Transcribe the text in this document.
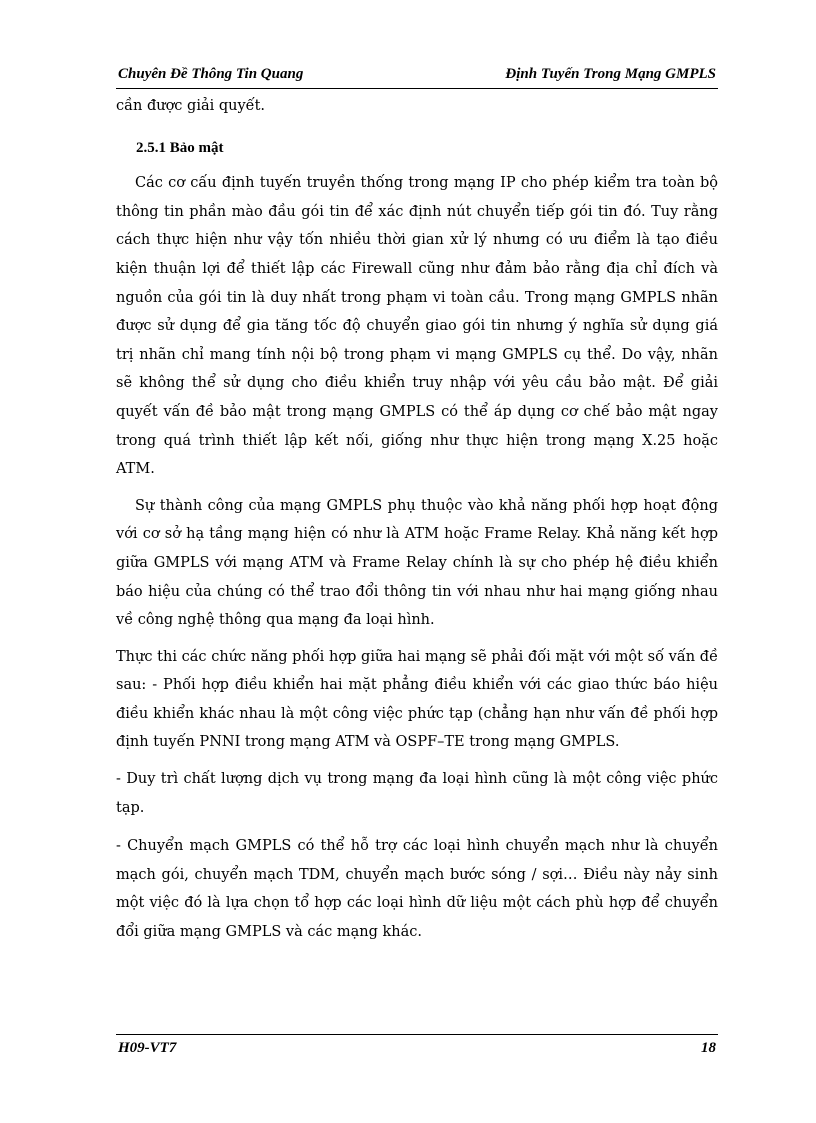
Chuyên Đề Thông Tin Quang	Định Tuyến Trong Mạng GMPLS

cần được giải quyết.

2.5.1 Bảo mật

Các cơ cấu định tuyến truyền thống trong mạng IP cho phép kiểm tra toàn bộ thông tin phần mào đầu gói tin để xác định nút chuyển tiếp gói tin đó. Tuy rằng cách thực hiện như vậy tốn nhiều thời gian xử lý nhưng có ưu điểm là tạo điều kiện thuận lợi để thiết lập các Firewall cũng như đảm bảo rằng địa chỉ đích và nguồn của gói tin là duy nhất trong phạm vi toàn cầu. Trong mạng GMPLS nhãn được sử dụng để gia tăng tốc độ chuyển giao gói tin nhưng ý nghĩa sử dụng giá trị nhãn chỉ mang tính nội bộ trong phạm vi mạng GMPLS cụ thể. Do vậy, nhãn sẽ không thể sử dụng cho điều khiển truy nhập với yêu cầu bảo mật. Để giải quyết vấn đề bảo mật trong mạng GMPLS có thể áp dụng cơ chế bảo mật ngay trong quá trình thiết lập kết nối, giống như thực hiện trong mạng X.25 hoặc ATM.

Sự thành công của mạng GMPLS phụ thuộc vào khả năng phối hợp hoạt động với cơ sở hạ tầng mạng hiện có như là ATM hoặc Frame Relay. Khả năng kết hợp giữa GMPLS với mạng ATM và Frame Relay chính là sự cho phép hệ điều khiển báo hiệu của chúng có thể trao đổi thông tin với nhau như hai mạng giống nhau về công nghệ thông qua mạng đa loại hình.

Thực thi các chức năng phối hợp giữa hai mạng sẽ phải đối mặt với một số vấn đề sau: - Phối hợp điều khiển hai mặt phẳng điều khiển với các giao thức báo hiệu điều khiển khác nhau là một công việc phức tạp (chẳng hạn như vấn đề phối hợp định tuyến PNNI trong mạng ATM và OSPF–TE trong mạng GMPLS.

- Duy trì chất lượng dịch vụ trong mạng đa loại hình cũng là một công việc phức tạp.

- Chuyển mạch GMPLS có thể hỗ trợ các loại hình chuyển mạch như là chuyển mạch gói, chuyển mạch TDM, chuyển mạch bước sóng / sợi… Điều này nảy sinh một việc đó là lựa chọn tổ hợp các loại hình dữ liệu một cách phù hợp để chuyển đổi giữa mạng GMPLS và các mạng khác.

H09-VT7	18
